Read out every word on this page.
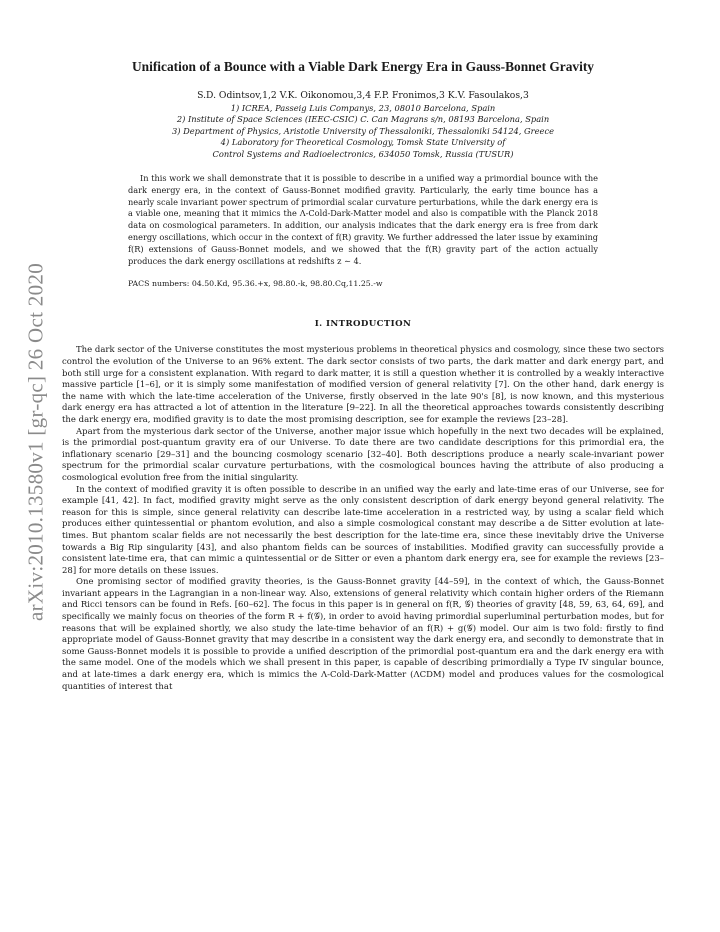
arXiv:2010.13580v1 [gr-qc] 26 Oct 2020
Unification of a Bounce with a Viable Dark Energy Era in Gauss-Bonnet Gravity
S.D. Odintsov,1,2 V.K. Oikonomou,3,4 F.P. Fronimos,3 K.V. Fasoulakos,3
1) ICREA, Passeig Luis Companys, 23, 08010 Barcelona, Spain
2) Institute of Space Sciences (IEEC-CSIC) C. Can Magrans s/n, 08193 Barcelona, Spain
3) Department of Physics, Aristotle University of Thessaloniki, Thessaloniki 54124, Greece
4) Laboratory for Theoretical Cosmology, Tomsk State University of
Control Systems and Radioelectronics, 634050 Tomsk, Russia (TUSUR)
In this work we shall demonstrate that it is possible to describe in a unified way a primordial bounce with the dark energy era, in the context of Gauss-Bonnet modified gravity. Particularly, the early time bounce has a nearly scale invariant power spectrum of primordial scalar curvature perturbations, while the dark energy era is a viable one, meaning that it mimics the Λ-Cold-Dark-Matter model and also is compatible with the Planck 2018 data on cosmological parameters. In addition, our analysis indicates that the dark energy era is free from dark energy oscillations, which occur in the context of f(R) gravity. We further addressed the later issue by examining f(R) extensions of Gauss-Bonnet models, and we showed that the f(R) gravity part of the action actually produces the dark energy oscillations at redshifts z ∼ 4.
PACS numbers: 04.50.Kd, 95.36.+x, 98.80.-k, 98.80.Cq,11.25.-w
I. INTRODUCTION

The dark sector of the Universe constitutes the most mysterious problems in theoretical physics and cosmology, since these two sectors control the evolution of the Universe to an 96% extent. The dark sector consists of two parts, the dark matter and dark energy part, and both still urge for a consistent explanation. With regard to dark matter, it is still a question whether it is controlled by a weakly interactive massive particle [1–6], or it is simply some manifestation of modified version of general relativity [7]. On the other hand, dark energy is the name with which the late-time acceleration of the Universe, firstly observed in the late 90's [8], is now known, and this mysterious dark energy era has attracted a lot of attention in the literature [9–22]. In all the theoretical approaches towards consistently describing the dark energy era, modified gravity is to date the most promising description, see for example the reviews [23–28].

Apart from the mysterious dark sector of the Universe, another major issue which hopefully in the next two decades will be explained, is the primordial post-quantum gravity era of our Universe. To date there are two candidate descriptions for this primordial era, the inflationary scenario [29–31] and the bouncing cosmology scenario [32–40]. Both descriptions produce a nearly scale-invariant power spectrum for the primordial scalar curvature perturbations, with the cosmological bounces having the attribute of also producing a cosmological evolution free from the initial singularity.

In the context of modified gravity it is often possible to describe in an unified way the early and late-time eras of our Universe, see for example [41, 42]. In fact, modified gravity might serve as the only consistent description of dark energy beyond general relativity. The reason for this is simple, since general relativity can describe late-time acceleration in a restricted way, by using a scalar field which produces either quintessential or phantom evolution, and also a simple cosmological constant may describe a de Sitter evolution at late-times. But phantom scalar fields are not necessarily the best description for the late-time era, since these inevitably drive the Universe towards a Big Rip singularity [43], and also phantom fields can be sources of instabilities. Modified gravity can successfully provide a consistent late-time era, that can mimic a quintessential or de Sitter or even a phantom dark energy era, see for example the reviews [23–28] for more details on these issues.

One promising sector of modified gravity theories, is the Gauss-Bonnet gravity [44–59], in the context of which, the Gauss-Bonnet invariant appears in the Lagrangian in a non-linear way. Also, extensions of general relativity which contain higher orders of the Riemann and Ricci tensors can be found in Refs. [60–62]. The focus in this paper is in general on f(R, 𝒢) theories of gravity [48, 59, 63, 64, 69], and specifically we mainly focus on theories of the form R + f(𝒢), in order to avoid having primordial superluminal perturbation modes, but for reasons that will be explained shortly, we also study the late-time behavior of an f(R) + g(𝒢) model. Our aim is two fold: firstly to find appropriate model of Gauss-Bonnet gravity that may describe in a consistent way the dark energy era, and secondly to demonstrate that in some Gauss-Bonnet models it is possible to provide a unified description of the primordial post-quantum era and the dark energy era with the same model. One of the models which we shall present in this paper, is capable of describing primordially a Type IV singular bounce, and at late-times a dark energy era, which is mimics the Λ-Cold-Dark-Matter (ΛCDM) model and produces values for the cosmological quantities of interest that
